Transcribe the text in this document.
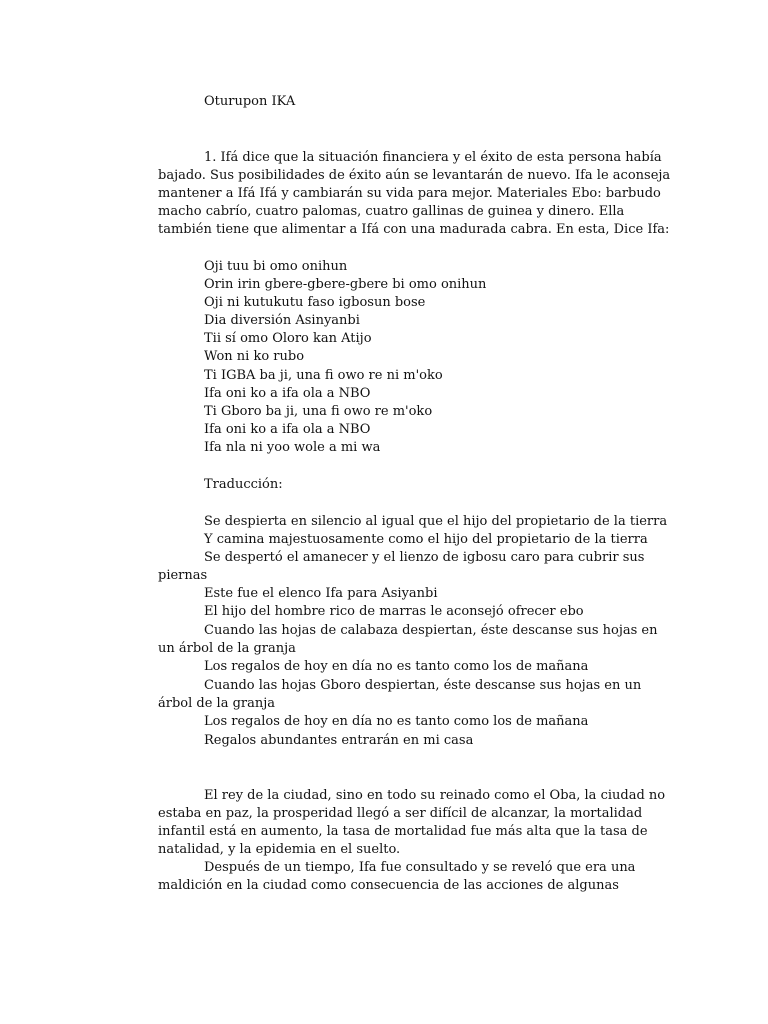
Oturupon IKA
1. Ifá dice que la situación financiera y el éxito de esta persona había
bajado. Sus posibilidades de éxito aún se levantarán de nuevo. Ifa le aconseja
mantener a Ifá Ifá y cambiarán su vida para mejor. Materiales Ebo: barbudo
macho cabrío, cuatro palomas, cuatro gallinas de guinea y dinero. Ella
también tiene que alimentar a Ifá con una madurada cabra. En esta, Dice Ifa:
Oji tuu bi omo onihun
Orin irin gbere-gbere-gbere bi omo onihun
Oji ni kutukutu faso igbosun bose
Dia diversión Asinyanbi
Tii sí omo Oloro kan Atijo
Won ni ko rubo
Ti IGBA ba ji, una fi owo re ni m'oko
Ifa oni ko a ifa ola a NBO
Ti Gboro ba ji, una fi owo re m'oko
Ifa oni ko a ifa ola a NBO
Ifa nla ni yoo wole a mi wa
Traducción:
Se despierta en silencio al igual que el hijo del propietario de la tierra
Y camina majestuosamente como el hijo del propietario de la tierra
Se despertó el amanecer y el lienzo de igbosu caro para cubrir sus
piernas
Este fue el elenco Ifa para Asiyanbi
El hijo del hombre rico de marras le aconsejó ofrecer ebo
Cuando las hojas de calabaza despiertan, éste descanse sus hojas en
un árbol de la granja
Los regalos de hoy en día no es tanto como los de mañana
Cuando las hojas Gboro despiertan, éste descanse sus hojas en un
árbol de la granja
Los regalos de hoy en día no es tanto como los de mañana
Regalos abundantes entrarán en mi casa
El rey de la ciudad, sino en todo su reinado como el Oba, la ciudad no
estaba en paz, la prosperidad llegó a ser difícil de alcanzar, la mortalidad
infantil está en aumento, la tasa de mortalidad fue más alta que la tasa de
natalidad, y la epidemia en el suelto.
Después de un tiempo, Ifa fue consultado y se reveló que era una
maldición en la ciudad como consecuencia de las acciones de algunas
